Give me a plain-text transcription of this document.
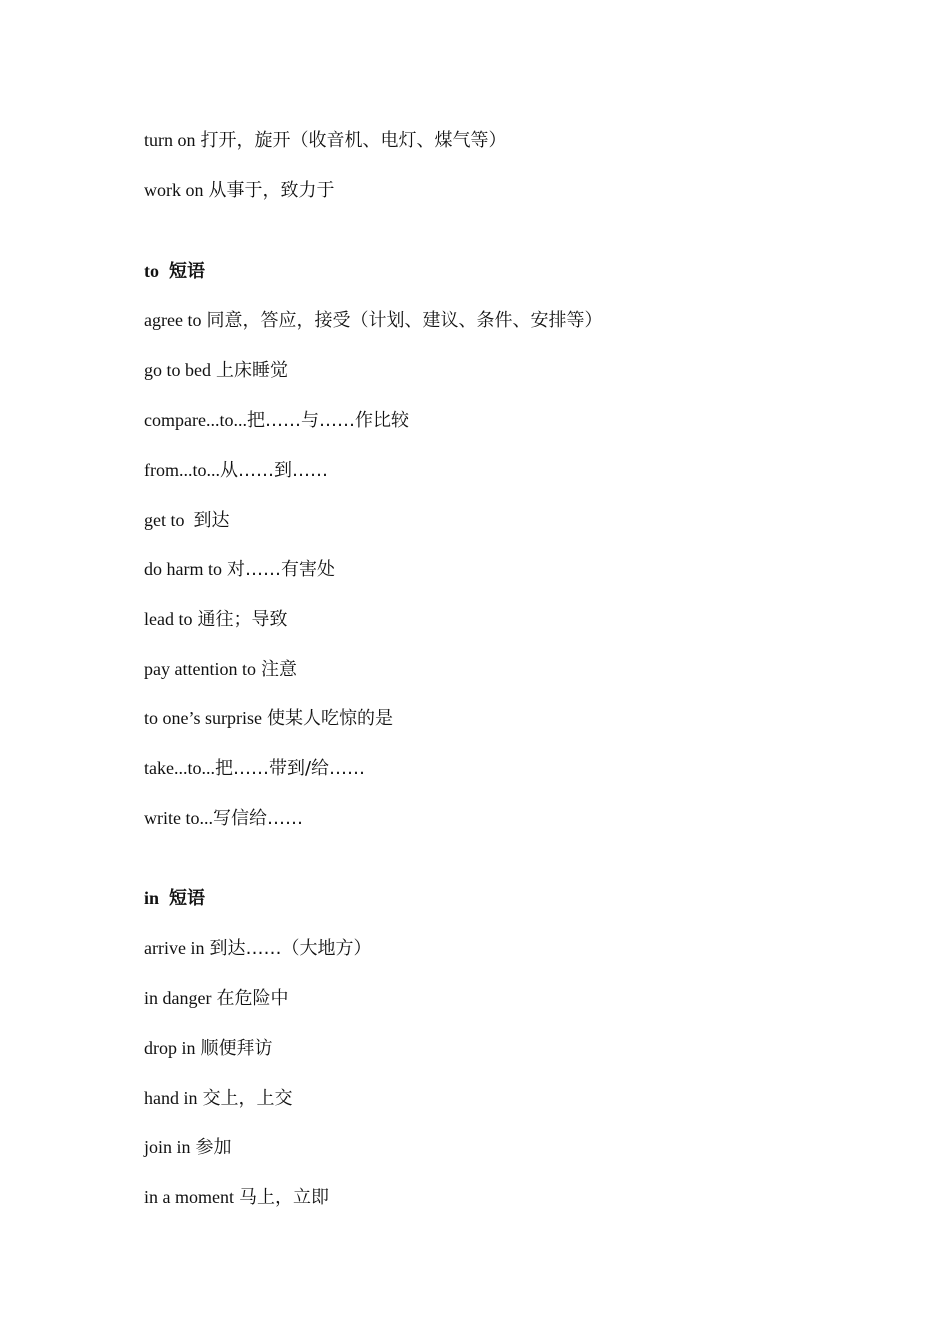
turn on 打开，旋开（收音机、电灯、煤气等）
work on 从事于，致力于
to 短语
agree to 同意，答应，接受（计划、建议、条件、安排等）
go to bed 上床睡觉
compare...to...把……与……作比较
from...to...从……到……
get to 到达
do harm to 对……有害处
lead to 通往；导致
pay attention to 注意
to one’s surprise 使某人吃惊的是
take...to...把……带到/给……
write to...写信给……
in 短语
arrive in 到达……（大地方）
in danger 在危险中
drop in 顺便拜访
hand in 交上，上交
join in 参加
in a moment 马上，立即
